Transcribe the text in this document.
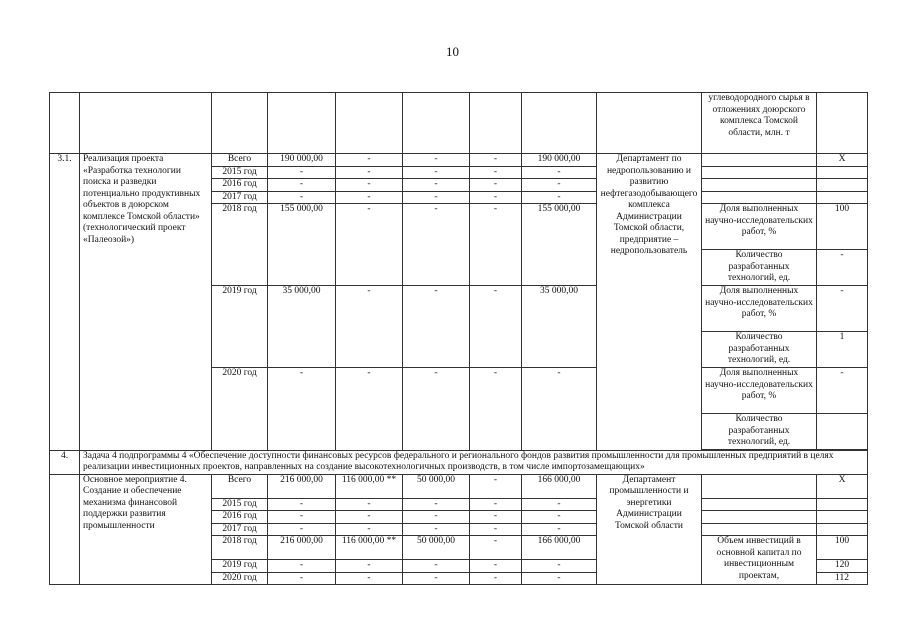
10
									углеводородного сырья в отложениях доюрского комплекса Томской области, млн. т	
3.1.	Реализация проекта «Разработка технологии поиска и разведки потенциально продуктивных объектов в доюрском комплексе Томской области» (технологический проект «Палеозой»)	Всего	190 000,00	-	-	-	190 000,00	Департамент по недропользованию и развитию нефтегазодобывающего комплекса Администрации Томской области, предприятие – недропользователь		Х
		2015 год	-	-	-	-	-			
		2016 год	-	-	-	-	-			
		2017 год	-	-	-	-	-			
		2018 год	155 000,00	-	-	-	155 000,00		Доля выполненных научно-исследовательских работ, %	100
									Количество разработанных технологий, ед.	-
		2019 год	35 000,00	-	-	-	35 000,00		Доля выполненных научно-исследовательских работ, %	-
									Количество разработанных технологий, ед.	1
		2020 год	-	-	-	-	-		Доля выполненных научно-исследовательских работ, %	-
									Количество разработанных технологий, ед.	

4.	Задача 4 подпрограммы 4 «Обеспечение доступности финансовых ресурсов федерального и регионального фондов развития промышленности для промышленных предприятий в целях реализации инвестиционных проектов, направленных на создание высокотехнологичных производств, в том числе импортозамещающих»									
	Основное мероприятие 4. Создание и обеспечение механизма финансовой поддержки развития промышленности	Всего	216 000,00	116 000,00 **	50 000,00	-	166 000,00	Департамент промышленности и энергетики Администрации Томской области		Х
		2015 год	-	-	-	-	-			
		2016 год	-	-	-	-	-			
		2017 год	-	-	-	-	-			
		2018 год	216 000,00	116 000,00 **	50 000,00	-	166 000,00		Объем инвестиций в основной капитал по инвестиционным проектам,	100
		2019 год	-	-	-	-	-			120
		2020 год	-	-	-	-	-			112
